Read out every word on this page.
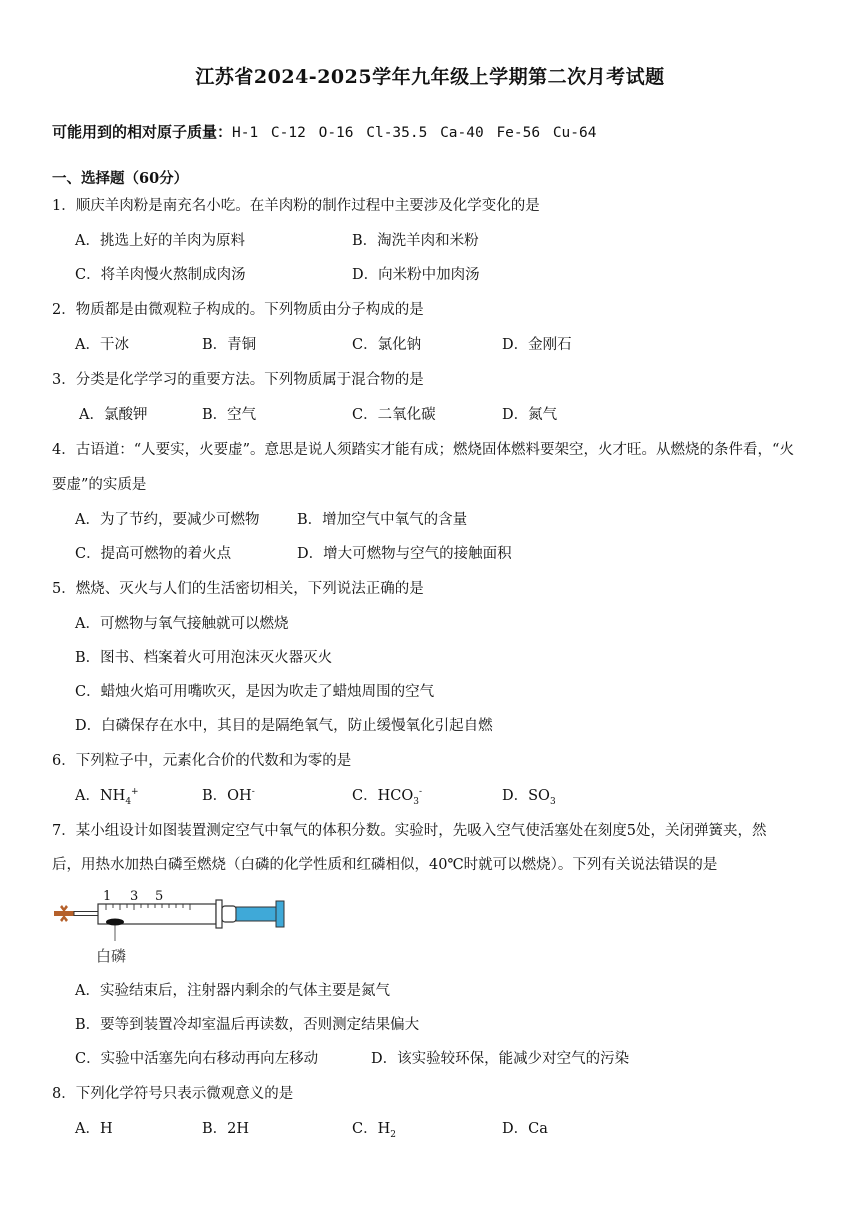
江苏省2024-2025学年九年级上学期第二次月考试题
可能用到的相对原子质量：H-1 C-12 O-16 Cl-35.5 Ca-40 Fe-56 Cu-64
一、选择题（60分）
1．顺庆羊肉粉是南充名小吃。在羊肉粉的制作过程中主要涉及化学变化的是
A．挑选上好的羊肉为原料	B．淘洗羊肉和米粉
C．将羊肉慢火熬制成肉汤	D．向米粉中加肉汤
2．物质都是由微观粒子构成的。下列物质由分子构成的是
A．干冰	B．青铜	C．氯化钠	D．金刚石
3．分类是化学学习的重要方法。下列物质属于混合物的是
A．氯酸钾	B．空气	C．二氧化碳	D．氮气
4．古语道：“人要实，火要虚”。意思是说人须踏实才能有成；燃烧固体燃料要架空，火才旺。从燃烧的条件看，“火
要虚”的实质是
A．为了节约，要减少可燃物	B．增加空气中氧气的含量
C．提高可燃物的着火点	D．增大可燃物与空气的接触面积
5．燃烧、灭火与人们的生活密切相关，下列说法正确的是
A．可燃物与氧气接触就可以燃烧
B．图书、档案着火可用泡沫灭火器灭火
C．蜡烛火焰可用嘴吹灭，是因为吹走了蜡烛周围的空气
D．白磷保存在水中，其目的是隔绝氧气，防止缓慢氧化引起自燃
6．下列粒子中，元素化合价的代数和为零的是
A．$NH_4^+$	B．OH-	C．$HCO_3^-$	D．$SO_3$
7．某小组设计如图装置测定空气中氧气的体积分数。实验时，先吸入空气使活塞处在刻度5处，关闭弹簧夹，然
后，用热水加热白磷至燃烧（白磷的化学性质和红磷相似，40℃时就可以燃烧）。下列有关说法错误的是
1 3 5
白磷
A．实验结束后，注射器内剩余的气体主要是氮气
B．要等到装置冷却室温后再读数，否则测定结果偏大
C．实验中活塞先向右移动再向左移动	D．该实验较环保，能减少对空气的污染
8．下列化学符号只表示微观意义的是
A．H	B．2H	C．$H_2$	D．Ca
